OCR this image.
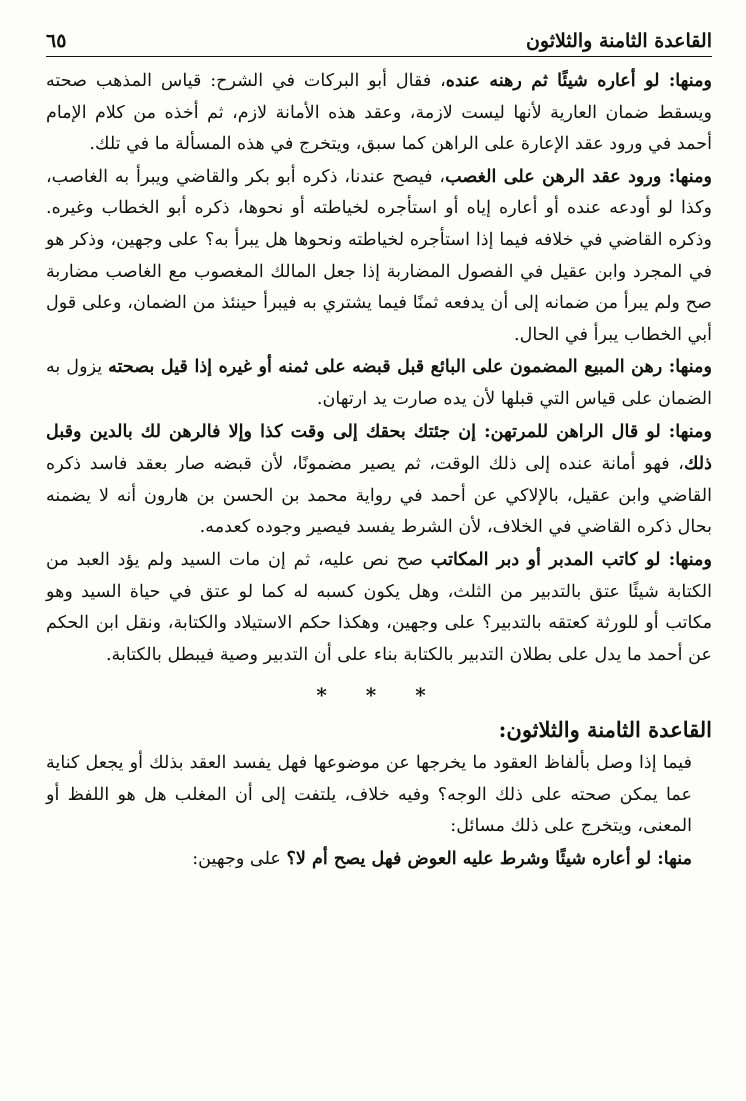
القاعدة الثامنة والثلاثون
٦٥

ومنها: لو أعاره شيئًا ثم رهنه عنده، فقال أبو البركات في الشرح: قياس المذهب صحته ويسقط ضمان العارية لأنها ليست لازمة، وعقد هذه الأمانة لازم، ثم أخذه من كلام الإمام أحمد في ورود عقد الإعارة على الراهن كما سبق، ويتخرج في هذه المسألة ما في تلك.

ومنها: ورود عقد الرهن على الغصب، فيصح عندنا، ذكره أبو بكر والقاضي ويبرأ به الغاصب، وكذا لو أودعه عنده أو أعاره إياه أو استأجره لخياطته أو نحوها، ذكره أبو الخطاب وغيره. وذكره القاضي في خلافه فيما إذا استأجره لخياطته ونحوها هل يبرأ به؟ على وجهين، وذكر هو في المجرد وابن عقيل في الفصول المضاربة إذا جعل المالك المغصوب مع الغاصب مضاربة صح ولم يبرأ من ضمانه إلى أن يدفعه ثمنًا فيما يشتري به فيبرأ حينئذ من الضمان، وعلى قول أبي الخطاب يبرأ في الحال.

ومنها: رهن المبيع المضمون على البائع قبل قبضه على ثمنه أو غيره إذا قيل بصحته يزول به الضمان على قياس التي قبلها لأن يده صارت يد ارتهان.

ومنها: لو قال الراهن للمرتهن: إن جئتك بحقك إلى وقت كذا وإلا فالرهن لك بالدين وقبل ذلك، فهو أمانة عنده إلى ذلك الوقت، ثم يصير مضمونًا، لأن قبضه صار بعقد فاسد ذكره القاضي وابن عقيل، بالإلاكي عن أحمد في رواية محمد بن الحسن بن هارون أنه لا يضمنه بحال ذكره القاضي في الخلاف، لأن الشرط يفسد فيصير وجوده كعدمه.

ومنها: لو كاتب المدبر أو دبر المكاتب صح نص عليه، ثم إن مات السيد ولم يؤد العبد من الكتابة شيئًا عتق بالتدبير من الثلث، وهل يكون كسبه له كما لو عتق في حياة السيد وهو مكاتب أو للورثة كعتقه بالتدبير؟ على وجهين، وهكذا حكم الاستيلاد والكتابة، ونقل ابن الحكم عن أحمد ما يدل على بطلان التدبير بالكتابة بناء على أن التدبير وصية فيبطل بالكتابة.

* * *
القاعدة الثامنة والثلاثون:

فيما إذا وصل بألفاظ العقود ما يخرجها عن موضوعها فهل يفسد العقد بذلك أو يجعل كناية عما يمكن صحته على ذلك الوجه؟ وفيه خلاف، يلتفت إلى أن المغلب هل هو اللفظ أو المعنى، ويتخرج على ذلك مسائل:

منها: لو أعاره شيئًا وشرط عليه العوض فهل يصح أم لا؟ على وجهين:
